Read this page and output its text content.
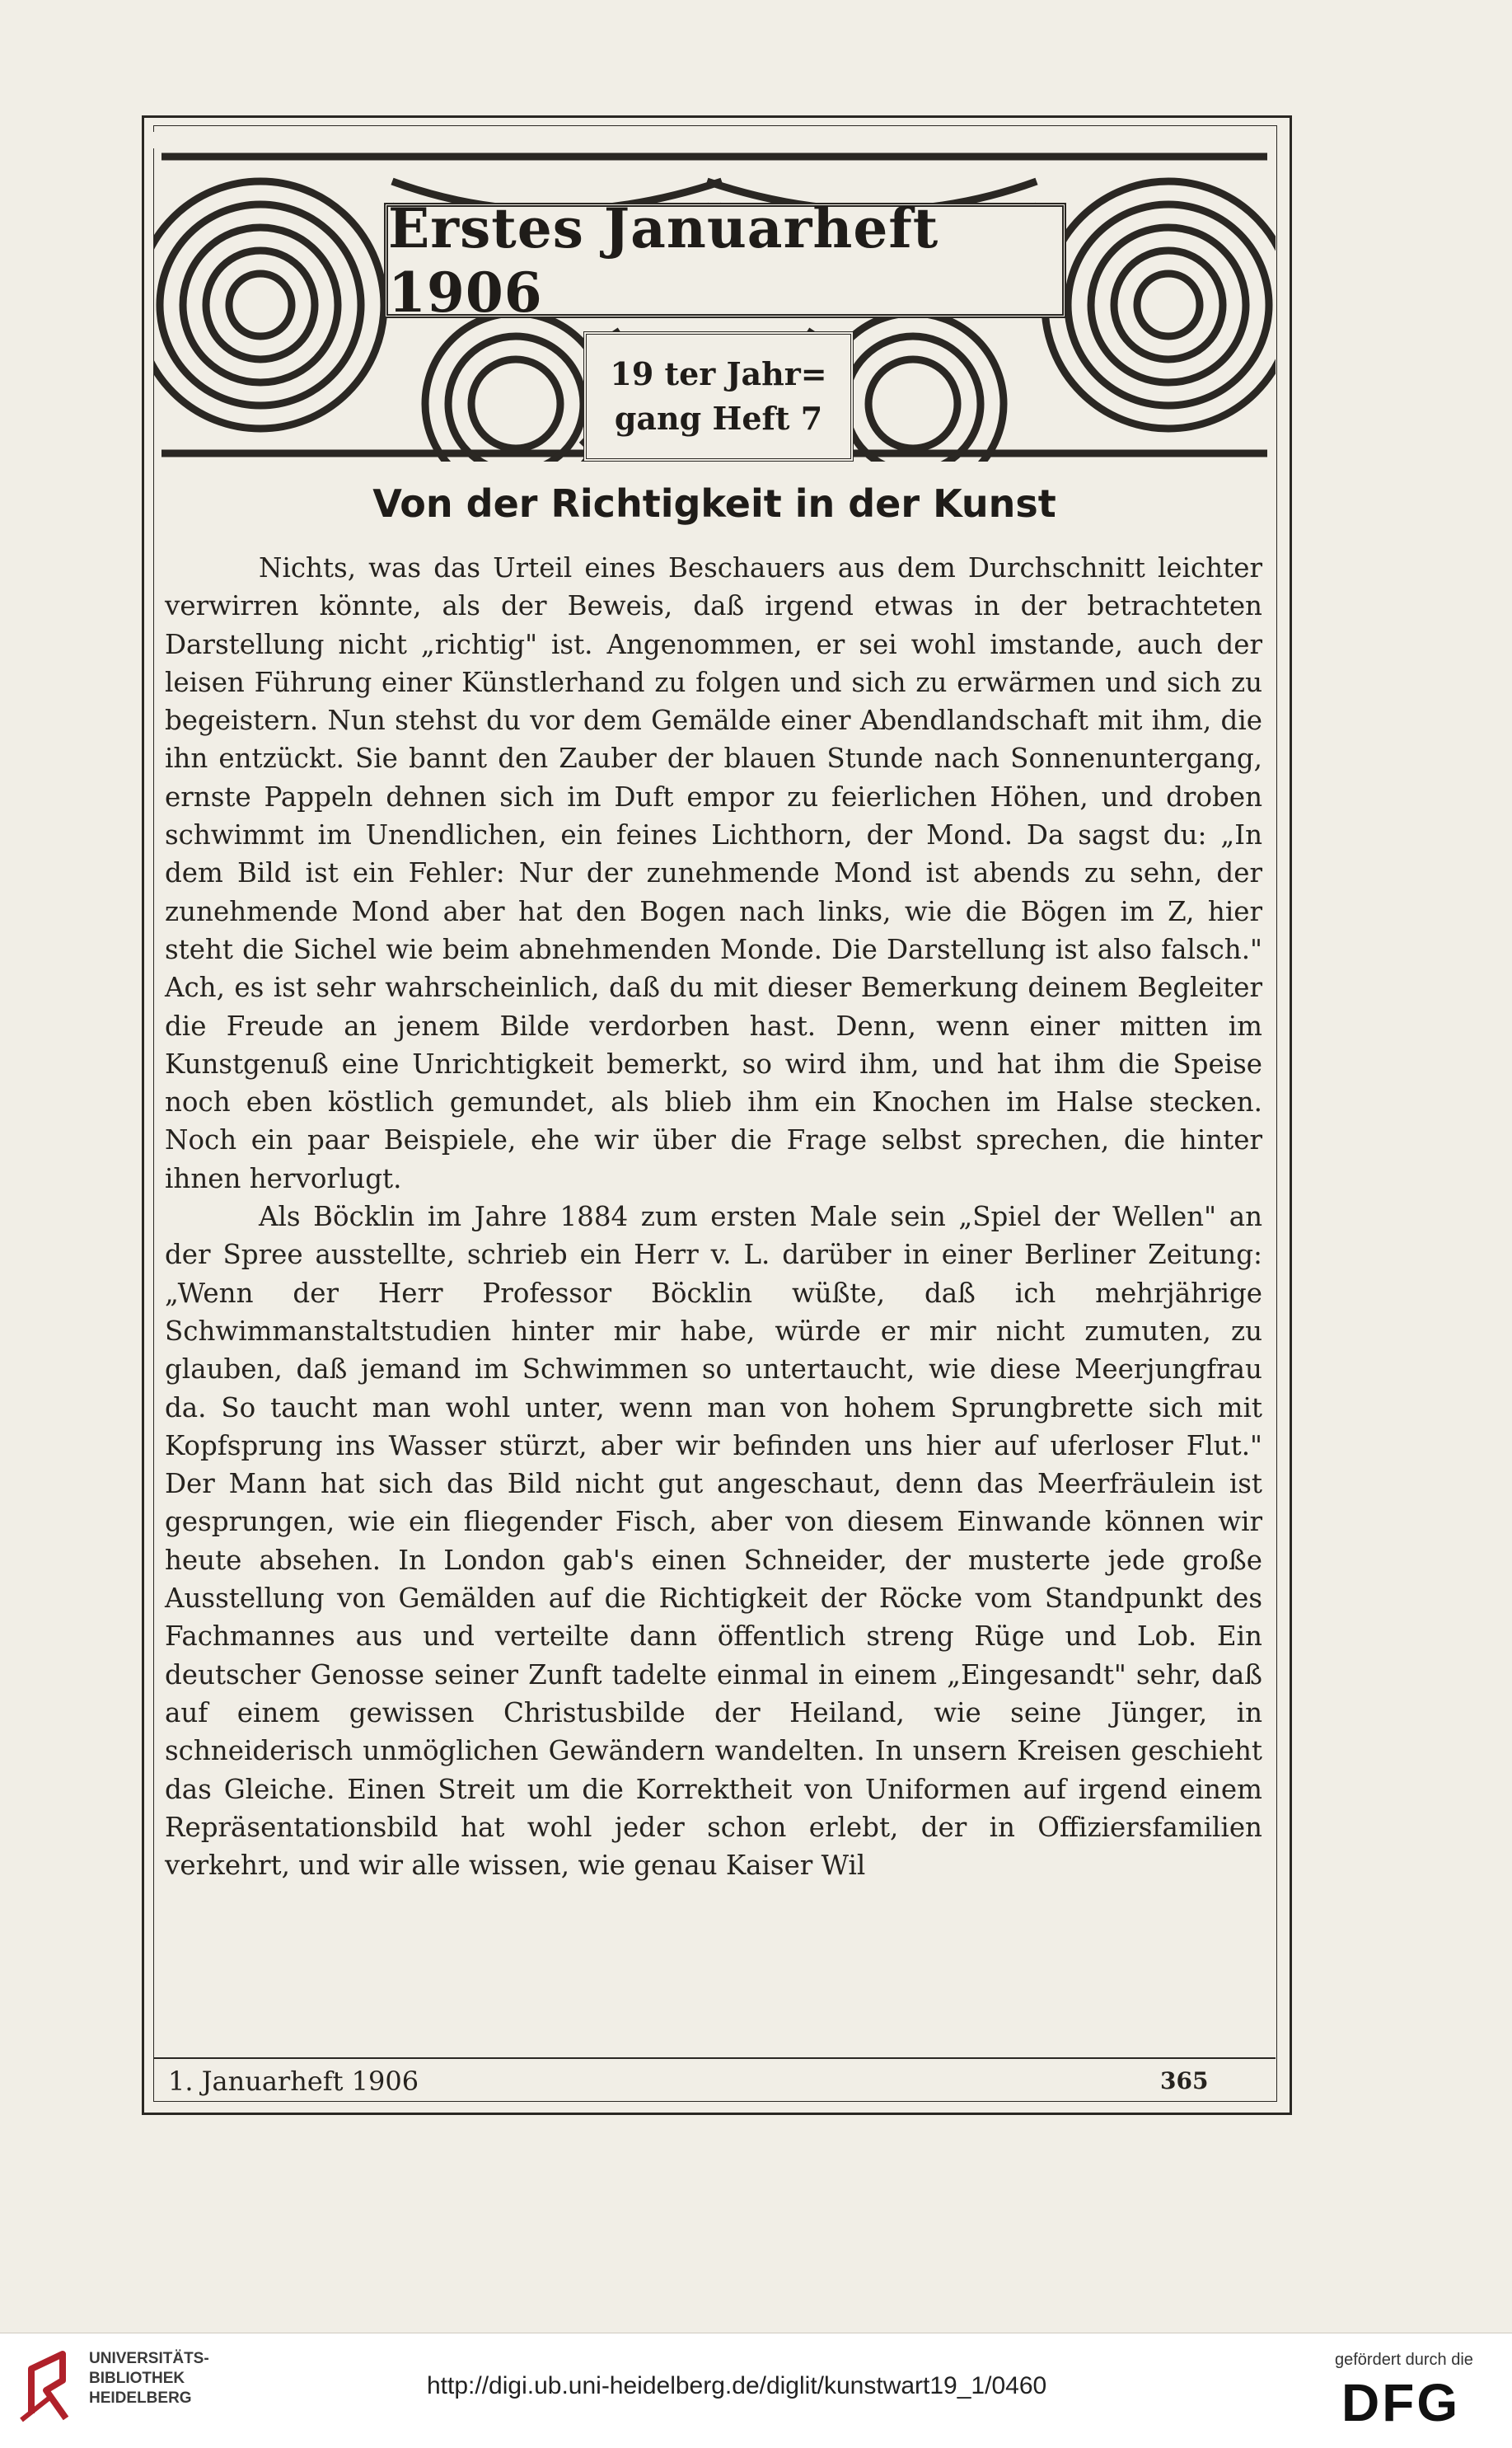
Erstes Januarheft 1906
19 ter Jahr=
gang Heft 7
Von der Richtigkeit in der Kunst

Nichts, was das Urteil eines Beschauers aus dem Durchschnitt leichter verwirren könnte, als der Beweis, daß irgend etwas in der betrachteten Darstellung nicht „richtig" ist. Angenommen, er sei wohl imstande, auch der leisen Führung einer Künstlerhand zu folgen und sich zu erwärmen und sich zu begeistern. Nun stehst du vor dem Gemälde einer Abendlandschaft mit ihm, die ihn entzückt. Sie bannt den Zauber der blauen Stunde nach Sonnenuntergang, ernste Pappeln dehnen sich im Duft empor zu feierlichen Höhen, und droben schwimmt im Unendlichen, ein feines Lichthorn, der Mond. Da sagst du: „In dem Bild ist ein Fehler: Nur der zunehmende Mond ist abends zu sehn, der zunehmende Mond aber hat den Bogen nach links, wie die Bögen im Z, hier steht die Sichel wie beim abnehmenden Monde. Die Darstellung ist also falsch." Ach, es ist sehr wahrscheinlich, daß du mit dieser Bemerkung deinem Begleiter die Freude an jenem Bilde verdorben hast. Denn, wenn einer mitten im Kunstgenuß eine Unrichtigkeit bemerkt, so wird ihm, und hat ihm die Speise noch eben köstlich gemundet, als blieb ihm ein Knochen im Halse stecken. Noch ein paar Beispiele, ehe wir über die Frage selbst sprechen, die hinter ihnen hervorlugt.

Als Böcklin im Jahre 1884 zum ersten Male sein „Spiel der Wellen" an der Spree ausstellte, schrieb ein Herr v. L. darüber in einer Berliner Zeitung: „Wenn der Herr Professor Böcklin wüßte, daß ich mehrjährige Schwimmanstaltstudien hinter mir habe, würde er mir nicht zumuten, zu glauben, daß jemand im Schwimmen so untertaucht, wie diese Meerjungfrau da. So taucht man wohl unter, wenn man von hohem Sprungbrette sich mit Kopfsprung ins Wasser stürzt, aber wir befinden uns hier auf uferloser Flut." Der Mann hat sich das Bild nicht gut angeschaut, denn das Meerfräulein ist gesprungen, wie ein fliegender Fisch, aber von diesem Einwande können wir heute absehen. In London gab's einen Schneider, der musterte jede große Ausstellung von Gemälden auf die Richtigkeit der Röcke vom Standpunkt des Fachmannes aus und verteilte dann öffentlich streng Rüge und Lob. Ein deutscher Genosse seiner Zunft tadelte einmal in einem „Eingesandt" sehr, daß auf einem gewissen Christusbilde der Heiland, wie seine Jünger, in schneiderisch unmöglichen Gewändern wandelten. In unsern Kreisen geschieht das Gleiche. Einen Streit um die Korrektheit von Uniformen auf irgend einem Repräsentationsbild hat wohl jeder schon erlebt, der in Offiziersfamilien verkehrt, und wir alle wissen, wie genau Kaiser Wil

1. Januarheft 1906	365
UNIVERSITÄTS-
BIBLIOTHEK
HEIDELBERG	http://digi.ub.uni-heidelberg.de/diglit/kunstwart19_1/0460
gefördert durch die
DFG
